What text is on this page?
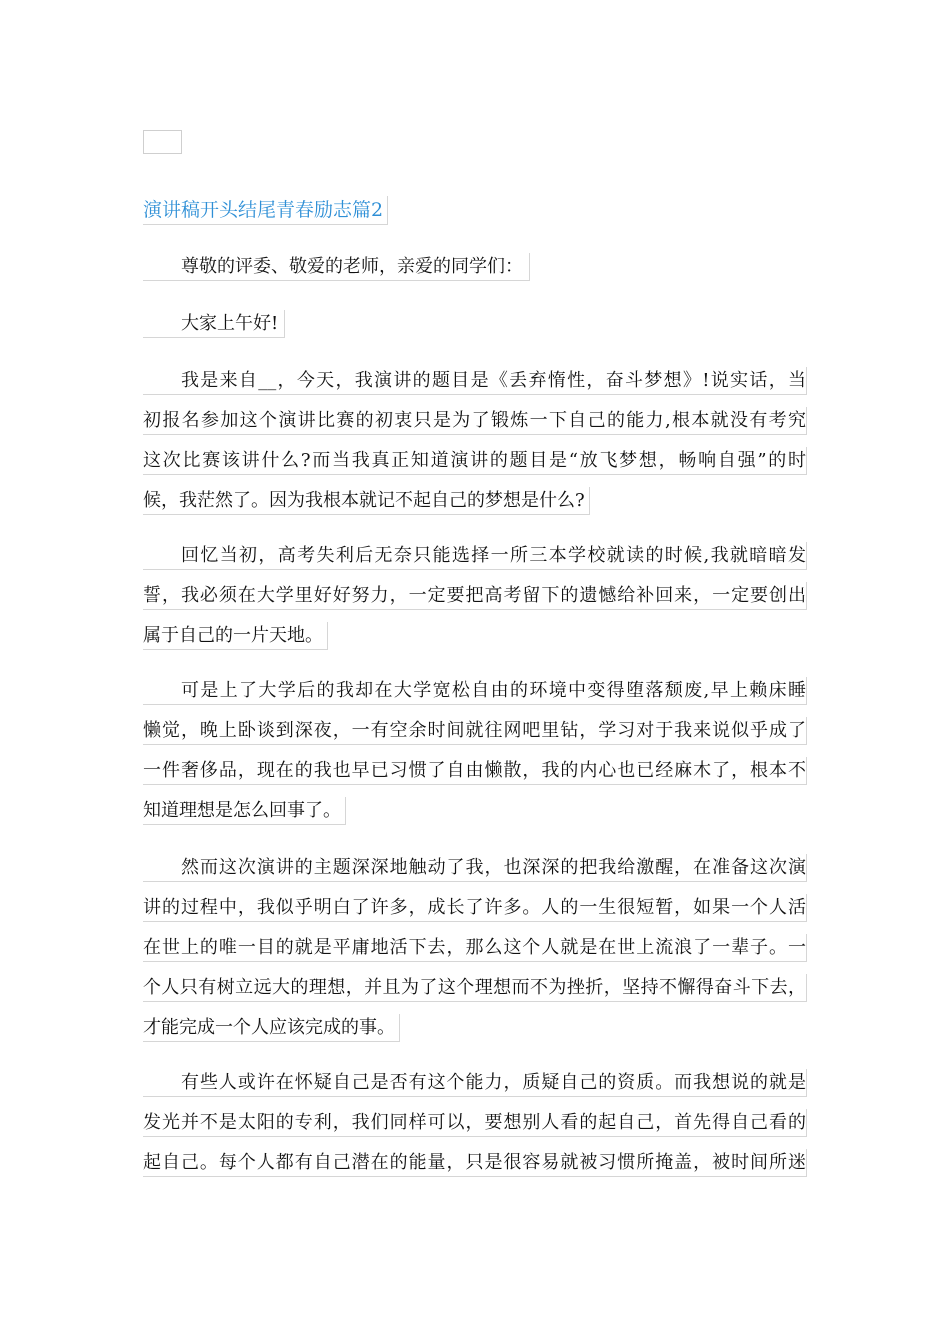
演讲稿开头结尾青春励志篇2
尊敬的评委、敬爱的老师，亲爱的同学们：
大家上午好!
我是来自__，今天，我演讲的题目是《丢弃惰性，奋斗梦想》!说实话，当
初报名参加这个演讲比赛的初衷只是为了锻炼一下自己的能力,根本就没有考究
这次比赛该讲什么?而当我真正知道演讲的题目是“放飞梦想，畅响自强”的时
候，我茫然了。因为我根本就记不起自己的梦想是什么?
回忆当初，高考失利后无奈只能选择一所三本学校就读的时候,我就暗暗发
誓，我必须在大学里好好努力，一定要把高考留下的遗憾给补回来，一定要创出
属于自己的一片天地。
可是上了大学后的我却在大学宽松自由的环境中变得堕落颓废,早上赖床睡
懒觉，晚上卧谈到深夜，一有空余时间就往网吧里钻，学习对于我来说似乎成了
一件奢侈品，现在的我也早已习惯了自由懒散，我的内心也已经麻木了，根本不
知道理想是怎么回事了。
然而这次演讲的主题深深地触动了我，也深深的把我给激醒，在准备这次演
讲的过程中，我似乎明白了许多，成长了许多。人的一生很短暂，如果一个人活
在世上的唯一目的就是平庸地活下去，那么这个人就是在世上流浪了一辈子。一
个人只有树立远大的理想，并且为了这个理想而不为挫折，坚持不懈得奋斗下去，
才能完成一个人应该完成的事。
有些人或许在怀疑自己是否有这个能力，质疑自己的资质。而我想说的就是
发光并不是太阳的专利，我们同样可以，要想别人看的起自己，首先得自己看的
起自己。每个人都有自己潜在的能量，只是很容易就被习惯所掩盖，被时间所迷
